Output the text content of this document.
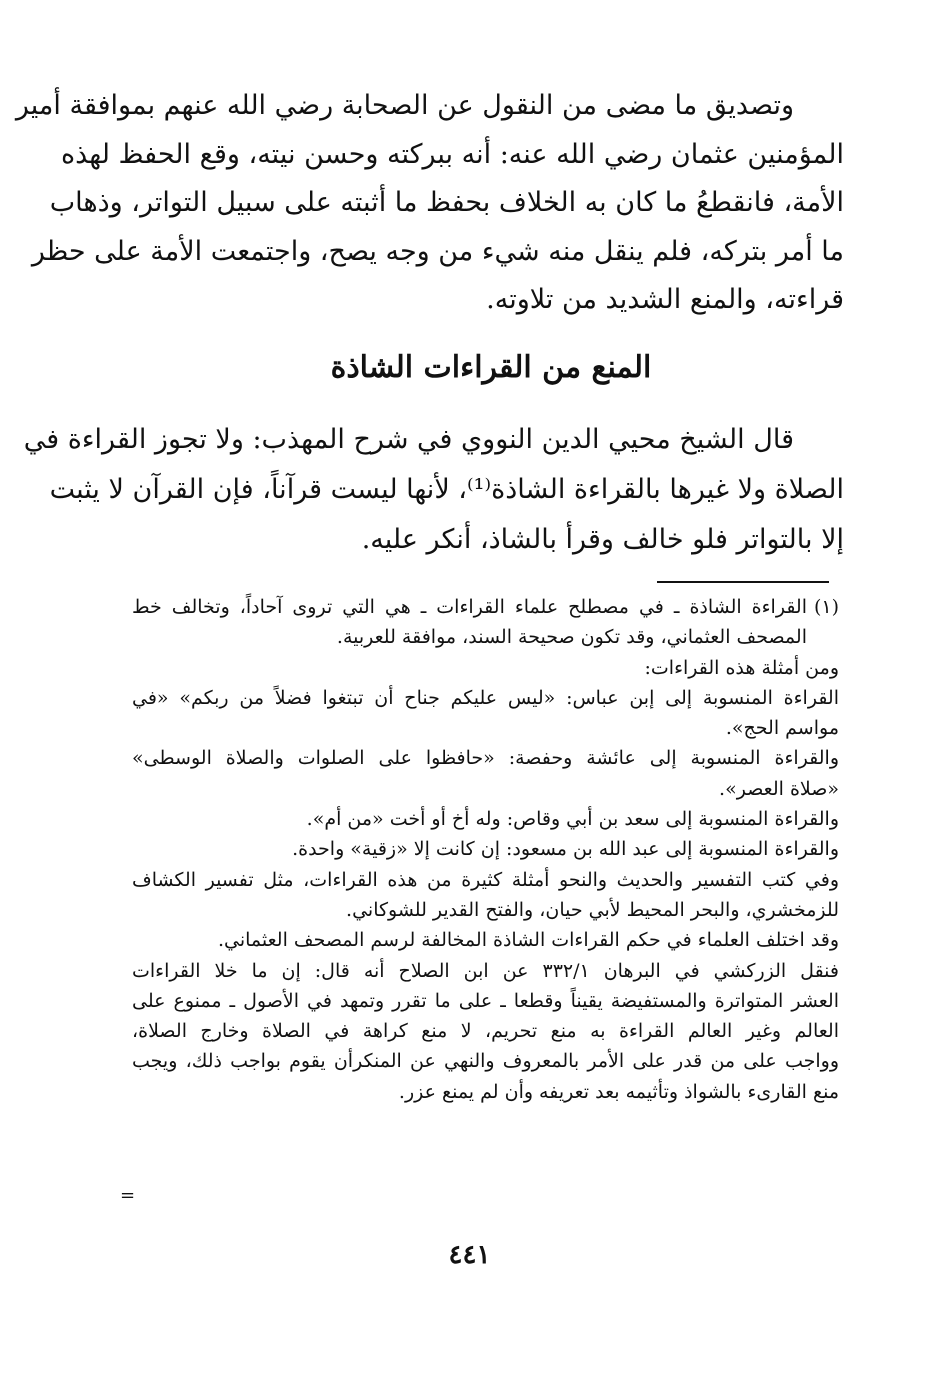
وتصديق ما مضى من النقول عن الصحابة رضي الله عنهم بموافقة أمير
المؤمنين عثمان رضي الله عنه: أنه ببركته وحسن نيته، وقع الحفظ لهذه
الأمة، فانقطعُ ما كان به الخلاف بحفظ ما أثبته على سبيل التواتر، وذهاب
ما أمر بتركه، فلم ينقل منه شيء من وجه يصح، واجتمعت الأمة على حظر
قراءته، والمنع الشديد من تلاوته.
المنع من القراءات الشاذة
قال الشيخ محيي الدين النووي في شرح المهذب: ولا تجوز القراءة في
الصلاة ولا غيرها بالقراءة الشاذة⁽¹⁾، لأنها ليست قرآناً، فإن القرآن لا يثبت
إلا بالتواتر فلو خالف وقرأ بالشاذ، أنكر عليه.
(١)
القراءة الشاذة ـ في مصطلح علماء القراءات ـ هي التي تروى آحاداً، وتخالف خط
المصحف العثماني، وقد تكون صحيحة السند، موافقة للعربية.
ومن أمثلة هذه القراءات:
القراءة المنسوبة إلى إبن عباس: «ليس عليكم جناح أن تبتغوا فضلاً من ربكم» «في
مواسم الحج».
والقراءة المنسوبة إلى عائشة وحفصة: «حافظوا على الصلوات والصلاة الوسطى»
«صلاة العصر».
والقراءة المنسوبة إلى سعد بن أبي وقاص: وله أخ أو أخت «من أم».
والقراءة المنسوبة إلى عبد الله بن مسعود: إن كانت إلا «زقية» واحدة.
وفي كتب التفسير والحديث والنحو أمثلة كثيرة من هذه القراءات، مثل تفسير الكشاف
للزمخشري، والبحر المحيط لأبي حيان، والفتح القدير للشوكاني.
وقد اختلف العلماء في حكم القراءات الشاذة المخالفة لرسم المصحف العثماني.
فنقل الزركشي في البرهان ٣٣٢/١ عن ابن الصلاح أنه قال: إن ما خلا القراءات
العشر المتواترة والمستفيضة يقيناً وقطعا ـ على ما تقرر وتمهد في الأصول ـ ممنوع على
العالم وغير العالم القراءة به منع تحريم، لا منع كراهة في الصلاة وخارج الصلاة،
وواجب على من قدر على الأمر بالمعروف والنهي عن المنكرأن يقوم بواجب ذلك، ويجب
منع القارىء بالشواذ وتأثيمه بعد تعريفه وأن لم يمنع عزر.
=
٤٤١
